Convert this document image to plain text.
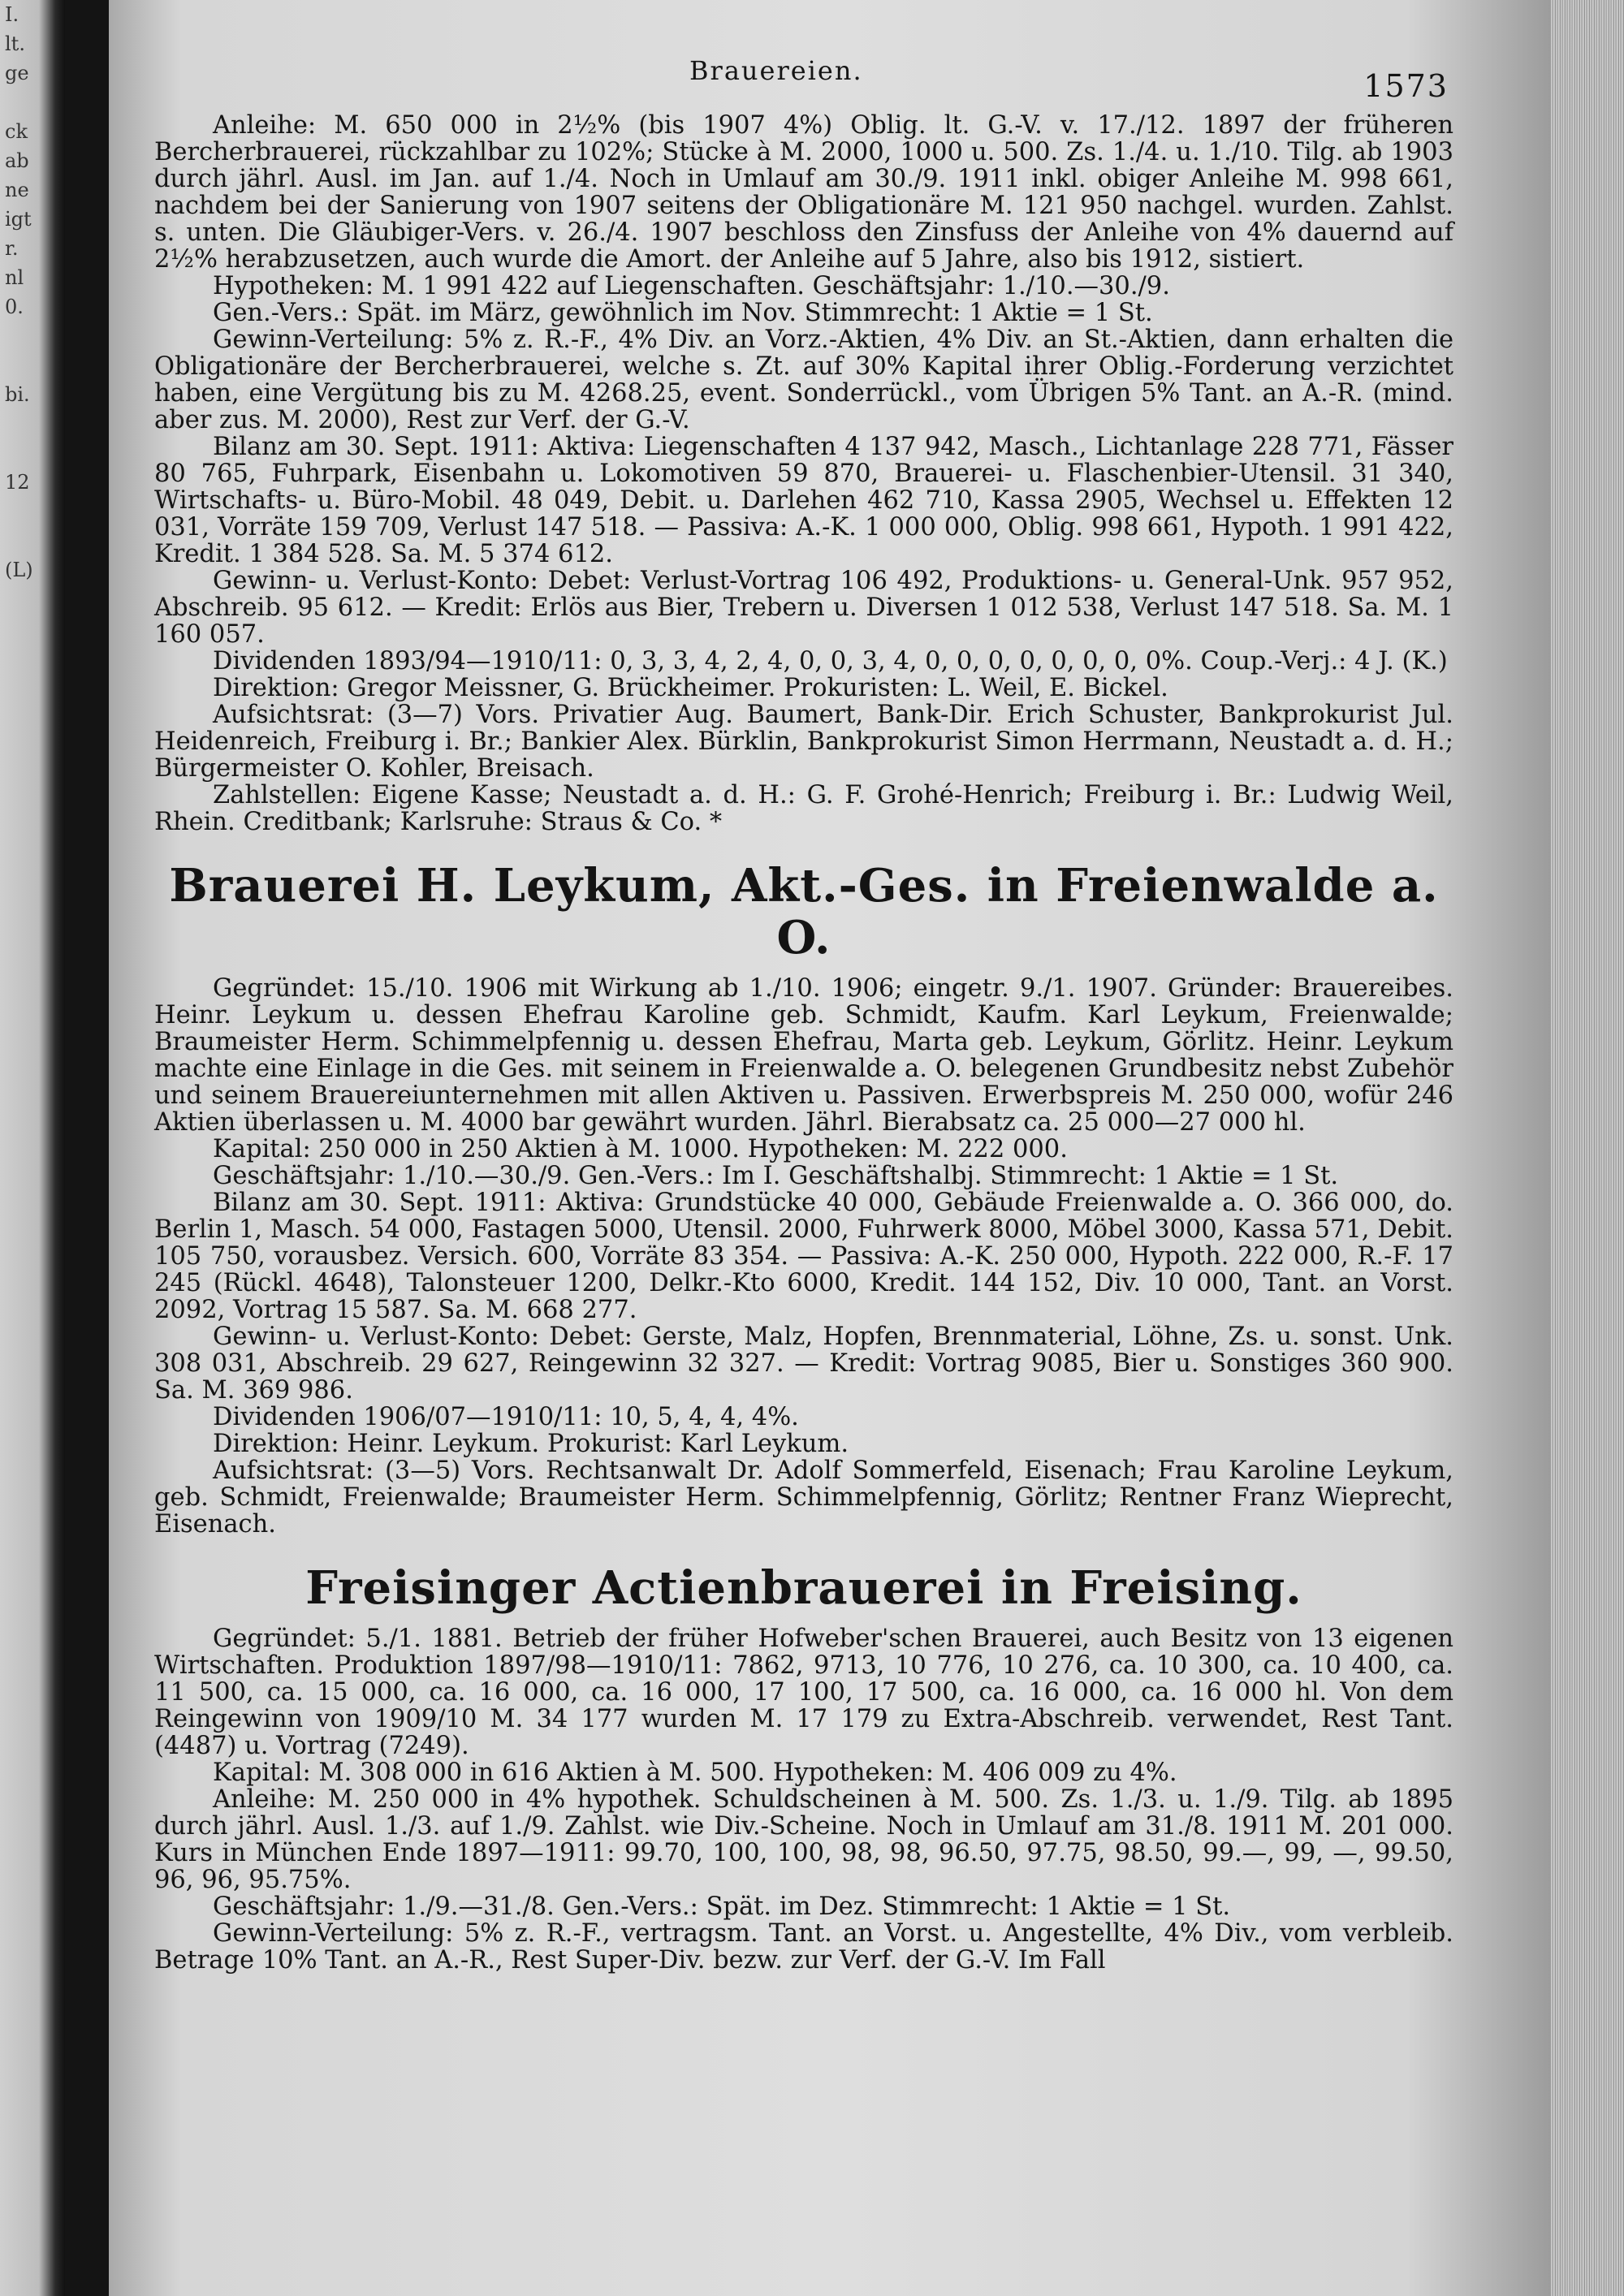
I.
lt.
ge

ck
ab
ne
igt
r.
nl
0.

bi.

12

(L)

Brauereien.	1573

Anleihe: M. 650 000 in 2½% (bis 1907 4%) Oblig. lt. G.-V. v. 17./12. 1897 der früheren Bercherbrauerei, rückzahlbar zu 102%; Stücke à M. 2000, 1000 u. 500. Zs. 1./4. u. 1./10. Tilg. ab 1903 durch jährl. Ausl. im Jan. auf 1./4. Noch in Umlauf am 30./9. 1911 inkl. obiger Anleihe M. 998 661, nachdem bei der Sanierung von 1907 seitens der Obligationäre M. 121 950 nachgel. wurden. Zahlst. s. unten. Die Gläubiger-Vers. v. 26./4. 1907 beschloss den Zinsfuss der Anleihe von 4% dauernd auf 2½% herabzusetzen, auch wurde die Amort. der Anleihe auf 5 Jahre, also bis 1912, sistiert.

Hypotheken: M. 1 991 422 auf Liegenschaften. Geschäftsjahr: 1./10.—30./9.

Gen.-Vers.: Spät. im März, gewöhnlich im Nov. Stimmrecht: 1 Aktie = 1 St.

Gewinn-Verteilung: 5% z. R.-F., 4% Div. an Vorz.-Aktien, 4% Div. an St.-Aktien, dann erhalten die Obligationäre der Bercherbrauerei, welche s. Zt. auf 30% Kapital ihrer Oblig.-Forderung verzichtet haben, eine Vergütung bis zu M. 4268.25, event. Sonderrückl., vom Übrigen 5% Tant. an A.-R. (mind. aber zus. M. 2000), Rest zur Verf. der G.-V.

Bilanz am 30. Sept. 1911: Aktiva: Liegenschaften 4 137 942, Masch., Lichtanlage 228 771, Fässer 80 765, Fuhrpark, Eisenbahn u. Lokomotiven 59 870, Brauerei- u. Flaschenbier-Utensil. 31 340, Wirtschafts- u. Büro-Mobil. 48 049, Debit. u. Darlehen 462 710, Kassa 2905, Wechsel u. Effekten 12 031, Vorräte 159 709, Verlust 147 518. — Passiva: A.-K. 1 000 000, Oblig. 998 661, Hypoth. 1 991 422, Kredit. 1 384 528. Sa. M. 5 374 612.

Gewinn- u. Verlust-Konto: Debet: Verlust-Vortrag 106 492, Produktions- u. General-Unk. 957 952, Abschreib. 95 612. — Kredit: Erlös aus Bier, Trebern u. Diversen 1 012 538, Verlust 147 518. Sa. M. 1 160 057.

Dividenden 1893/94—1910/11: 0, 3, 3, 4, 2, 4, 0, 0, 3, 4, 0, 0, 0, 0, 0, 0, 0, 0%. Coup.-Verj.: 4 J. (K.)

Direktion: Gregor Meissner, G. Brückheimer. Prokuristen: L. Weil, E. Bickel.

Aufsichtsrat: (3—7) Vors. Privatier Aug. Baumert, Bank-Dir. Erich Schuster, Bankprokurist Jul. Heidenreich, Freiburg i. Br.; Bankier Alex. Bürklin, Bankprokurist Simon Herrmann, Neustadt a. d. H.; Bürgermeister O. Kohler, Breisach.

Zahlstellen: Eigene Kasse; Neustadt a. d. H.: G. F. Grohé-Henrich; Freiburg i. Br.: Ludwig Weil, Rhein. Creditbank; Karlsruhe: Straus & Co. *

Brauerei H. Leykum, Akt.-Ges. in Freienwalde a. O.

Gegründet: 15./10. 1906 mit Wirkung ab 1./10. 1906; eingetr. 9./1. 1907. Gründer: Brauereibes. Heinr. Leykum u. dessen Ehefrau Karoline geb. Schmidt, Kaufm. Karl Leykum, Freienwalde; Braumeister Herm. Schimmelpfennig u. dessen Ehefrau, Marta geb. Leykum, Görlitz. Heinr. Leykum machte eine Einlage in die Ges. mit seinem in Freienwalde a. O. belegenen Grundbesitz nebst Zubehör und seinem Brauereiunternehmen mit allen Aktiven u. Passiven. Erwerbspreis M. 250 000, wofür 246 Aktien überlassen u. M. 4000 bar gewährt wurden. Jährl. Bierabsatz ca. 25 000—27 000 hl.

Kapital: 250 000 in 250 Aktien à M. 1000. Hypotheken: M. 222 000.

Geschäftsjahr: 1./10.—30./9. Gen.-Vers.: Im I. Geschäftshalbj. Stimmrecht: 1 Aktie = 1 St.

Bilanz am 30. Sept. 1911: Aktiva: Grundstücke 40 000, Gebäude Freienwalde a. O. 366 000, do. Berlin 1, Masch. 54 000, Fastagen 5000, Utensil. 2000, Fuhrwerk 8000, Möbel 3000, Kassa 571, Debit. 105 750, vorausbez. Versich. 600, Vorräte 83 354. — Passiva: A.-K. 250 000, Hypoth. 222 000, R.-F. 17 245 (Rückl. 4648), Talonsteuer 1200, Delkr.-Kto 6000, Kredit. 144 152, Div. 10 000, Tant. an Vorst. 2092, Vortrag 15 587. Sa. M. 668 277.

Gewinn- u. Verlust-Konto: Debet: Gerste, Malz, Hopfen, Brennmaterial, Löhne, Zs. u. sonst. Unk. 308 031, Abschreib. 29 627, Reingewinn 32 327. — Kredit: Vortrag 9085, Bier u. Sonstiges 360 900. Sa. M. 369 986.

Dividenden 1906/07—1910/11: 10, 5, 4, 4, 4%.

Direktion: Heinr. Leykum. Prokurist: Karl Leykum.

Aufsichtsrat: (3—5) Vors. Rechtsanwalt Dr. Adolf Sommerfeld, Eisenach; Frau Karoline Leykum, geb. Schmidt, Freienwalde; Braumeister Herm. Schimmelpfennig, Görlitz; Rentner Franz Wieprecht, Eisenach.

Freisinger Actienbrauerei in Freising.

Gegründet: 5./1. 1881. Betrieb der früher Hofweber'schen Brauerei, auch Besitz von 13 eigenen Wirtschaften. Produktion 1897/98—1910/11: 7862, 9713, 10 776, 10 276, ca. 10 300, ca. 10 400, ca. 11 500, ca. 15 000, ca. 16 000, ca. 16 000, 17 100, 17 500, ca. 16 000, ca. 16 000 hl. Von dem Reingewinn von 1909/10 M. 34 177 wurden M. 17 179 zu Extra-Abschreib. verwendet, Rest Tant. (4487) u. Vortrag (7249).

Kapital: M. 308 000 in 616 Aktien à M. 500. Hypotheken: M. 406 009 zu 4%.

Anleihe: M. 250 000 in 4% hypothek. Schuldscheinen à M. 500. Zs. 1./3. u. 1./9. Tilg. ab 1895 durch jährl. Ausl. 1./3. auf 1./9. Zahlst. wie Div.-Scheine. Noch in Umlauf am 31./8. 1911 M. 201 000. Kurs in München Ende 1897—1911: 99.70, 100, 100, 98, 98, 96.50, 97.75, 98.50, 99.—, 99, —, 99.50, 96, 96, 95.75%.

Geschäftsjahr: 1./9.—31./8. Gen.-Vers.: Spät. im Dez. Stimmrecht: 1 Aktie = 1 St.

Gewinn-Verteilung: 5% z. R.-F., vertragsm. Tant. an Vorst. u. Angestellte, 4% Div., vom verbleib. Betrage 10% Tant. an A.-R., Rest Super-Div. bezw. zur Verf. der G.-V. Im Fall
